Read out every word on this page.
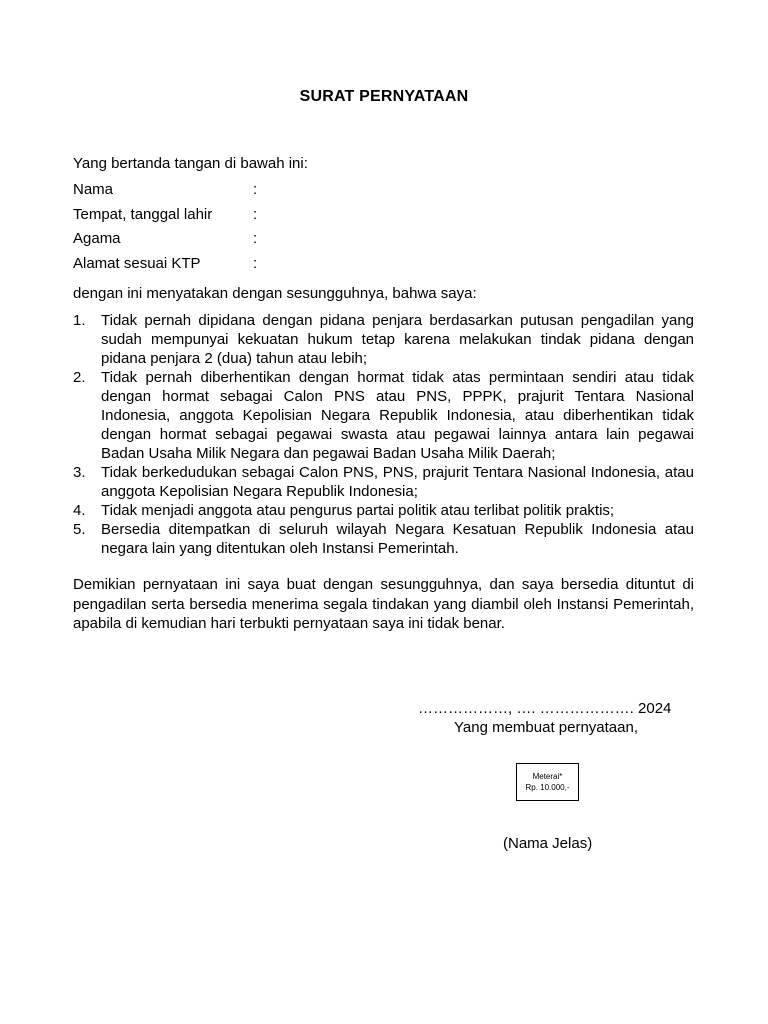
SURAT PERNYATAAN
Yang bertanda tangan di bawah ini:
Nama	:
Tempat, tanggal lahir	:
Agama	:
Alamat sesuai KTP	:
dengan ini menyatakan dengan sesungguhnya, bahwa saya:
1.	Tidak pernah dipidana dengan pidana penjara berdasarkan putusan pengadilan yang sudah mempunyai kekuatan hukum tetap karena melakukan tindak pidana dengan pidana penjara 2 (dua) tahun atau lebih;
2.	Tidak pernah diberhentikan dengan hormat tidak atas permintaan sendiri atau tidak dengan hormat sebagai Calon PNS atau PNS, PPPK, prajurit Tentara Nasional Indonesia, anggota Kepolisian Negara Republik Indonesia, atau diberhentikan tidak dengan hormat sebagai pegawai swasta atau pegawai lainnya antara lain pegawai Badan Usaha Milik Negara dan pegawai Badan Usaha Milik Daerah;
3.	Tidak berkedudukan sebagai Calon PNS, PNS, prajurit Tentara Nasional Indonesia, atau anggota Kepolisian Negara Republik Indonesia;
4.	Tidak menjadi anggota atau pengurus partai politik atau terlibat politik praktis;
5.	Bersedia ditempatkan di seluruh wilayah Negara Kesatuan Republik Indonesia atau negara lain yang ditentukan oleh Instansi Pemerintah.
Demikian pernyataan ini saya buat dengan sesungguhnya, dan saya bersedia dituntut di pengadilan serta bersedia menerima segala tindakan yang diambil oleh Instansi Pemerintah, apabila di kemudian hari terbukti pernyataan saya ini tidak benar.
………………, …. ………………. 2024
Yang membuat pernyataan,
Meterai*
Rp. 10.000,-
(Nama Jelas)
